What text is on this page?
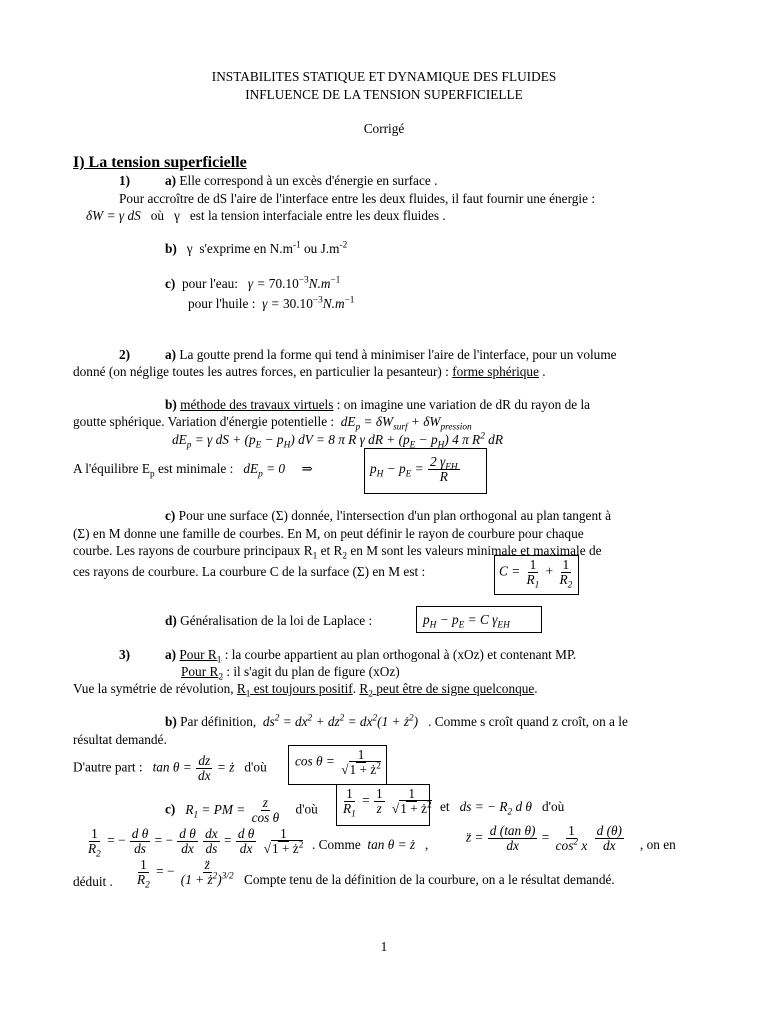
INSTABILITES STATIQUE ET DYNAMIQUE DES FLUIDES
INFLUENCE DE LA TENSION SUPERFICIELLE
Corrigé
I) La tension superficielle
1)	a) Elle correspond à un excès d'énergie en surface .
Pour accroître de dS l'aire de l'interface entre les deux fluides, il faut fournir une énergie :
δW = γ dS   où   γ   est la tension interfaciale entre les deux fluides .
b)   γ  s'exprime en $N.m^{-1}$ ou $J.m^{-2}$
c) pour l'eau: $\gamma = 70.10^{-3}N.m^{-1}$
pour l'huile : $\gamma = 30.10^{-3}N.m^{-1}$
2)	a) La goutte prend la forme qui tend à minimiser l'aire de l'interface, pour un volume
donné (on néglige toutes les autres forces, en particulier la pesanteur) : forme sphérique .
b) méthode des travaux virtuels : on imagine une variation de dR du rayon de la
goutte sphérique. Variation d'énergie potentielle : $dE_p = \delta W_{surf} + \delta W_{pression}$
$dE_p = \gamma$ dS + $(p_E - p_H)$ dV = 8 π R γ dR + $(p_E - p_H)$ 4 π $R^2$ dR
A l'équilibre $E_p$ est minimale : $dE_p = 0$     ⇒	$p_H - p_E = \frac{2 \gamma_{EH}}{R}$
c) Pour une surface (Σ) donnée, l'intersection d'un plan orthogonal au plan tangent à
(Σ) en M donne une famille de courbes. En M, on peut définir le rayon de courbure pour chaque
courbe. Les rayons de courbure principaux $R_1$ et $R_2$ en M sont les valeurs minimale et maximale de
ces rayons de courbure. La courbure C de la surface (Σ) en M est :	$C = \frac{1}{R_1} + \frac{1}{R_2}$
d) Généralisation de la loi de Laplace :	$p_H - p_E = C$ $\gamma_{EH}$
3)	a) Pour $R_1$ : la courbe appartient au plan orthogonal à (xOz) et contenant MP.
Pour $R_2$ : il s'agit du plan de figure (xOz)
Vue la symétrie de révolution, $R_1$ est toujours positif. $R_2$ peut être de signe quelconque.
b) Par définition, $ds^2 = dx^2 + dz^2 = dx^2(1$ + $ż^2$) . Comme s croît quand z croît, on a le
résultat demandé.
D'autre part : $\tan \theta = \frac{dz}{dx}$ = ż d'où $\cos \theta = \frac{1}{√1 + ż^2}$
c) $R_1$ = PM = $\frac{z}{\text{cos θ}}$ d'où $\frac{1}{R_1} = \frac{1}{z}$
$\frac{1}{√1 + ż^2}$ et ds = − $R_2$ d θ d'où
$\frac{1}{R_2}$ = − $\frac{\text{d θ}}{ds}$ = − $\frac{\text{d θ}}{dx}$
$\frac{dx}{ds} = \frac{\text{d θ}}{dx}$
$\frac{1}{√1 + ż^2}$ . Comme tan θ = ż   , z̈ = $\frac{\text{d (tan θ)}}{dx} = \frac{1}{\cos^2 x}$
$\frac{d (\theta)}{dx}$ , on en
déduit . $\frac{1}{R_2}$ = − $\frac{z̈}{(1 + ż^2)^{3/2}}$ Compte tenu de la définition de la courbure, on a le résultat demandé.
1
